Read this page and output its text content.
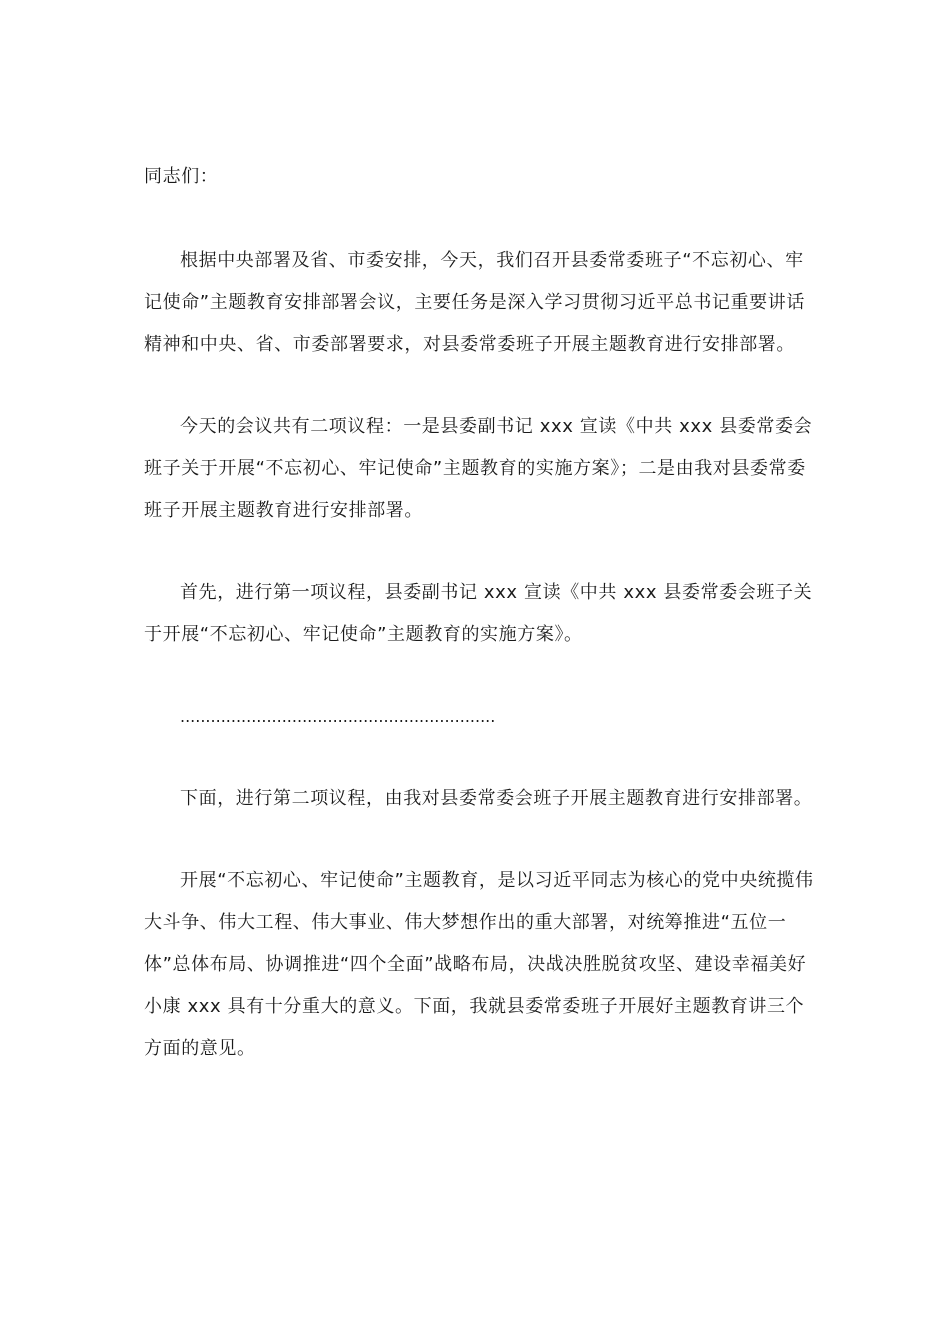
同志们：

根据中央部署及省、市委安排，今天，我们召开县委常委班子“不忘初心、牢记使命”主题教育安排部署会议，主要任务是深入学习贯彻习近平总书记重要讲话精神和中央、省、市委部署要求，对县委常委班子开展主题教育进行安排部署。

今天的会议共有二项议程：一是县委副书记 xxx 宣读《中共 xxx 县委常委会班子关于开展“不忘初心、牢记使命”主题教育的实施方案》；二是由我对县委常委班子开展主题教育进行安排部署。

首先，进行第一项议程，县委副书记 xxx 宣读《中共 xxx 县委常委会班子关于开展“不忘初心、牢记使命”主题教育的实施方案》。

..............................................................

下面，进行第二项议程，由我对县委常委会班子开展主题教育进行安排部署。

开展“不忘初心、牢记使命”主题教育，是以习近平同志为核心的党中央统揽伟大斗争、伟大工程、伟大事业、伟大梦想作出的重大部署，对统筹推进“五位一体”总体布局、协调推进“四个全面”战略布局，决战决胜脱贫攻坚、建设幸福美好小康 xxx 具有十分重大的意义。下面，我就县委常委班子开展好主题教育讲三个方面的意见。
